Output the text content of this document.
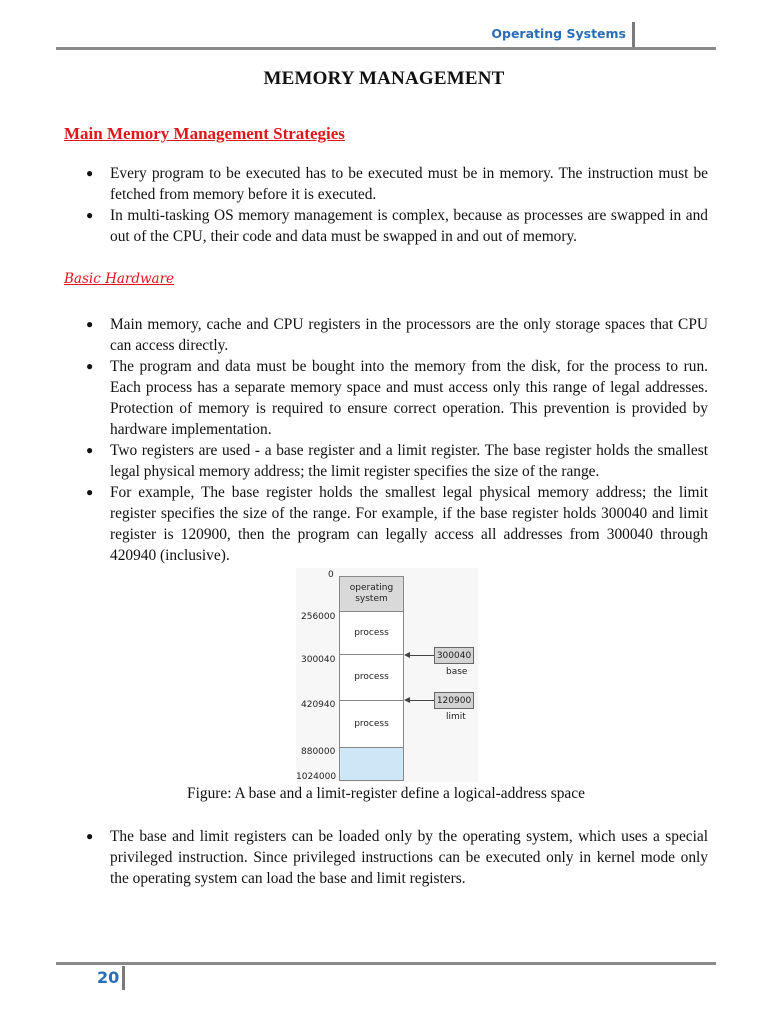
Operating Systems
MEMORY MANAGEMENT
Main Memory Management Strategies
● Every program to be executed has to be executed must be in memory. The instruction must be fetched from memory before it is executed.
● In multi-tasking OS memory management is complex, because as processes are swapped in and out of the CPU, their code and data must be swapped in and out of memory.
Basic Hardware
● Main memory, cache and CPU registers in the processors are the only storage spaces that CPU can access directly.
● The program and data must be bought into the memory from the disk, for the process to run. Each process has a separate memory space and must access only this range of legal addresses. Protection of memory is required to ensure correct operation. This prevention is provided by hardware implementation.
● Two registers are used - a base register and a limit register. The base register holds the smallest legal physical memory address; the limit register specifies the size of the range.
● For example, The base register holds the smallest legal physical memory address; the limit register specifies the size of the range. For example, if the base register holds 300040 and limit register is 120900, then the program can legally access all addresses from 300040 through 420940 (inclusive).
0
256000
300040
420940
880000
1024000
operating system
process
process
process
300040
base
120900
limit
Figure: A base and a limit-register define a logical-address space
● The base and limit registers can be loaded only by the operating system, which uses a special privileged instruction. Since privileged instructions can be executed only in kernel mode only the operating system can load the base and limit registers.
20
